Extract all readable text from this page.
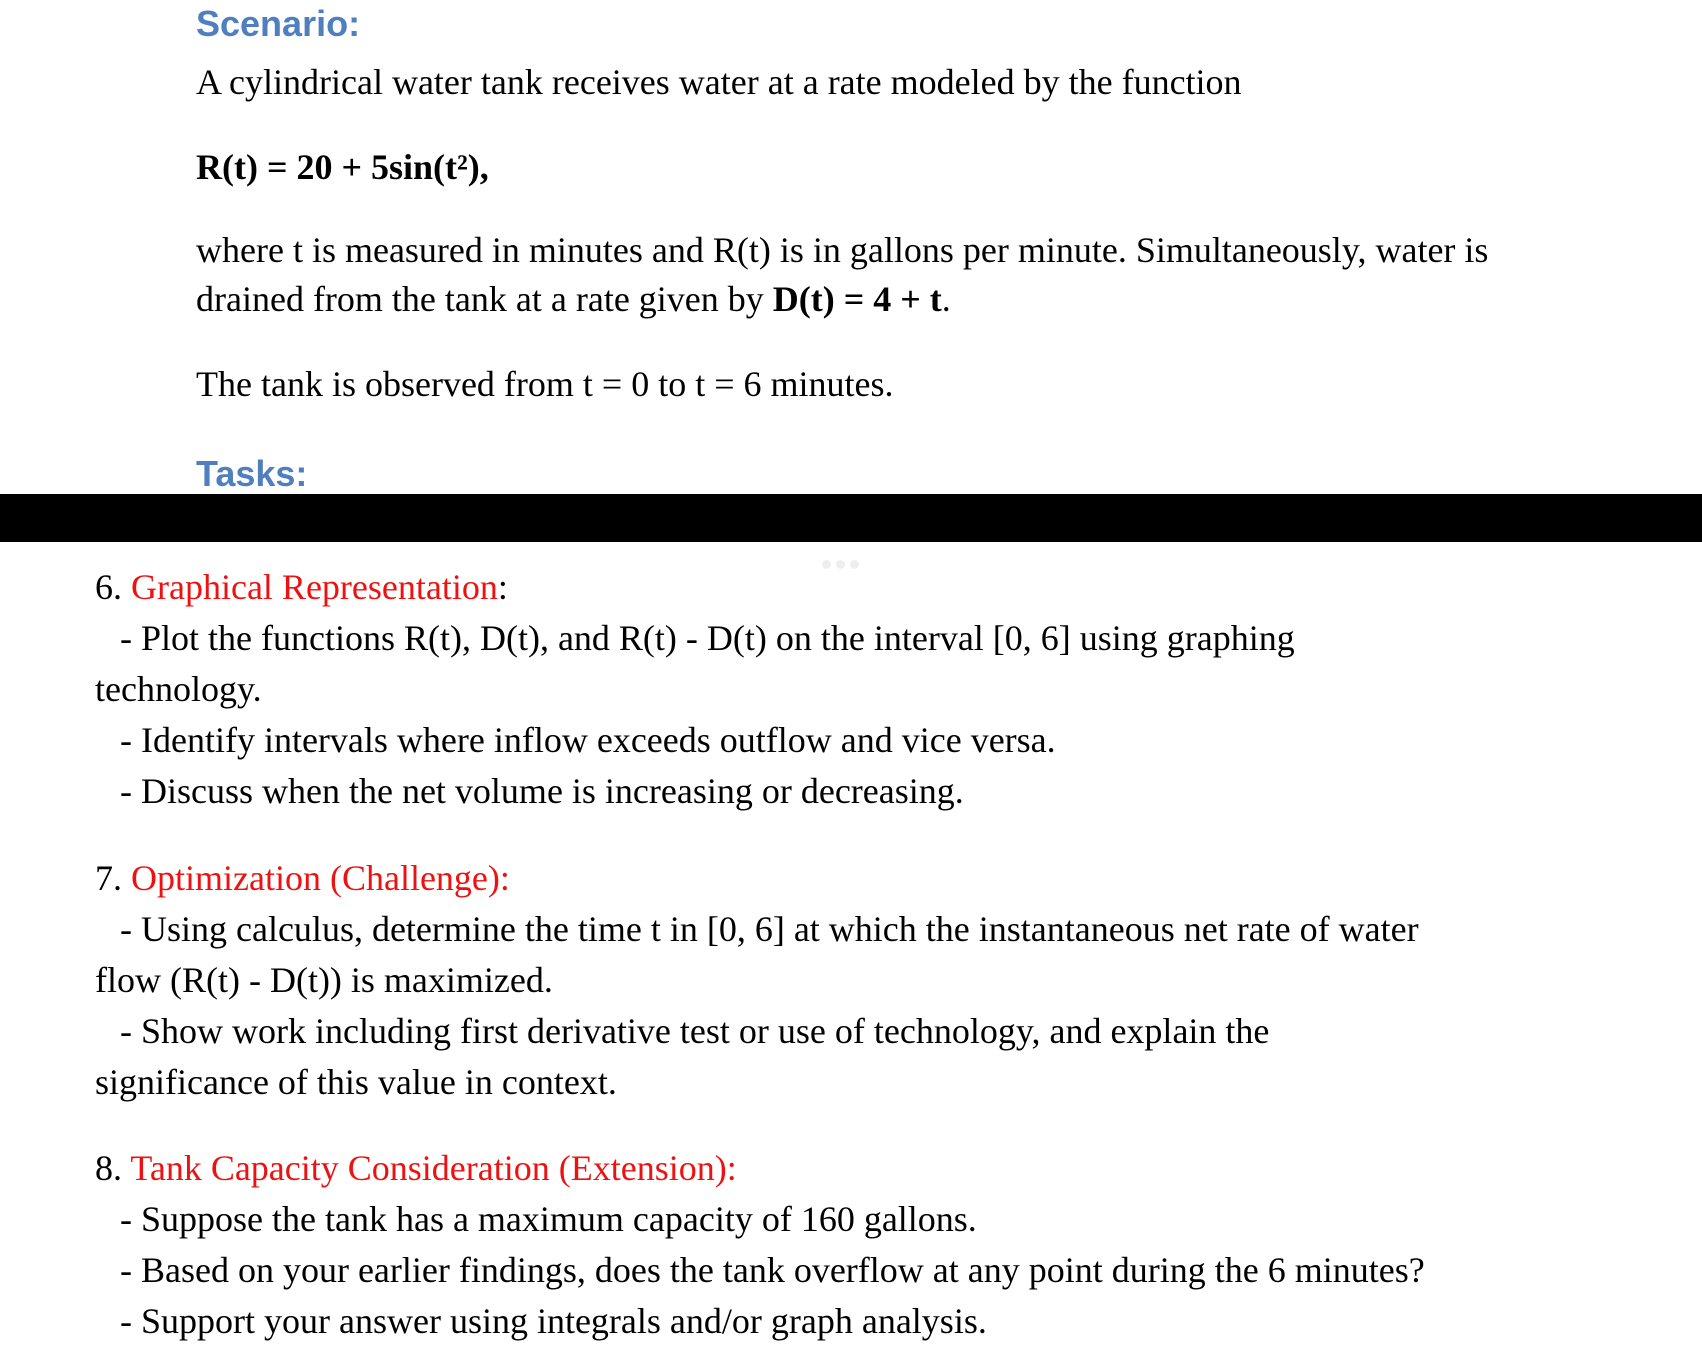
Scenario:
A cylindrical water tank receives water at a rate modeled by the function
R(t) = 20 + 5sin(t²),
where t is measured in minutes and R(t) is in gallons per minute. Simultaneously, water is
drained from the tank at a rate given by D(t) = 4 + t.
The tank is observed from t = 0 to t = 6 minutes.
Tasks:
6. Graphical Representation:
- Plot the functions R(t), D(t), and R(t) - D(t) on the interval [0, 6] using graphing
technology.
- Identify intervals where inflow exceeds outflow and vice versa.
- Discuss when the net volume is increasing or decreasing.
7. Optimization (Challenge):
- Using calculus, determine the time t in [0, 6] at which the instantaneous net rate of water
flow (R(t) - D(t)) is maximized.
- Show work including first derivative test or use of technology, and explain the
significance of this value in context.
8. Tank Capacity Consideration (Extension):
- Suppose the tank has a maximum capacity of 160 gallons.
- Based on your earlier findings, does the tank overflow at any point during the 6 minutes?
- Support your answer using integrals and/or graph analysis.
